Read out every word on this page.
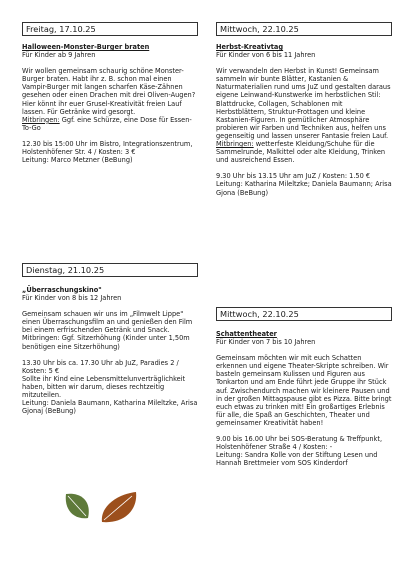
Freitag, 17.10.25

Halloween-Monster-Burger braten

Für Kinder ab 9 Jahren

Wir wollen gemeinsam schaurig schöne Monster-Burger braten. Habt ihr z. B. schon mal einen Vampir-Burger mit langen scharfen Käse-Zähnen gesehen oder einen Drachen mit drei Oliven-Augen? Hier könnt ihr euer Grusel-Kreativität freien Lauf lassen. Für Getränke wird gesorgt.

Mitbringen: Ggf. eine Schürze, eine Dose für Essen-To-Go

12.30 bis 15:00 Uhr im Bistro, Integrationszentrum, Holstenhöfener Str. 4 / Kosten: 3 €

Leitung: Marco Metzner (BeBung)

Dienstag, 21.10.25

„Überraschungskino"

Für Kinder von 8 bis 12 Jahren

Gemeinsam schauen wir uns im „Filmwelt Lippe" einen Überraschungsfilm an und genießen den Film bei einem erfrischenden Getränk und Snack.

Mitbringen: Ggf. Sitzerhöhung (Kinder unter 1,50m benötigen eine Sitzerhöhung)

13.30 Uhr bis ca. 17.30 Uhr ab JuZ, Paradies 2 / Kosten: 5 €

Sollte ihr Kind eine Lebensmittelunverträglichkeit haben, bitten wir darum, dieses rechtzeitig mitzuteilen.

Leitung: Daniela Baumann, Katharina Mileltzke, Arisa Gjonaj (BeBung)

Mittwoch, 22.10.25

Herbst-Kreativtag

Für Kinder von 6 bis 11 Jahren

Wir verwandeln den Herbst in Kunst! Gemeinsam sammeln wir bunte Blätter, Kastanien & Naturmaterialien rund ums JuZ und gestalten daraus eigene Leinwand-Kunstwerke im herbstlichen Stil: Blattdrucke, Collagen, Schablonen mit Herbstblättern, Struktur-Frottagen und kleine Kastanien-Figuren. In gemütlicher Atmosphäre probieren wir Farben und Techniken aus, helfen uns gegenseitig und lassen unserer Fantasie freien Lauf.

Mitbringen: wetterfeste Kleidung/Schuhe für die Sammelrunde, Malkittel oder alte Kleidung, Trinken und ausreichend Essen.

9.30 Uhr bis 13.15 Uhr am JuZ / Kosten: 1.50 €

Leitung: Katharina Mileltzke; Daniela Baumann; Arisa Gjona (BeBung)

Mittwoch, 22.10.25

Schattentheater

Für Kinder von 7 bis 10 Jahren

Gemeinsam möchten wir mit euch Schatten erkennen und eigene Theater-Skripte schreiben. Wir basteln gemeinsam Kulissen und Figuren aus Tonkarton und am Ende führt jede Gruppe ihr Stück auf. Zwischendurch machen wir kleinere Pausen und in der großen Mittagspause gibt es Pizza. Bitte bringt euch etwas zu trinken mit! Ein großartiges Erlebnis für alle, die Spaß an Geschichten, Theater und gemeinsamer Kreativität haben!

9.00 bis 16.00 Uhr bei SOS-Beratung & Treffpunkt, Holstenhöfener Straße 4 / Kosten: -

Leitung: Sandra Kolle von der Stiftung Lesen und Hannah Brettmeier vom SOS Kinderdorf
